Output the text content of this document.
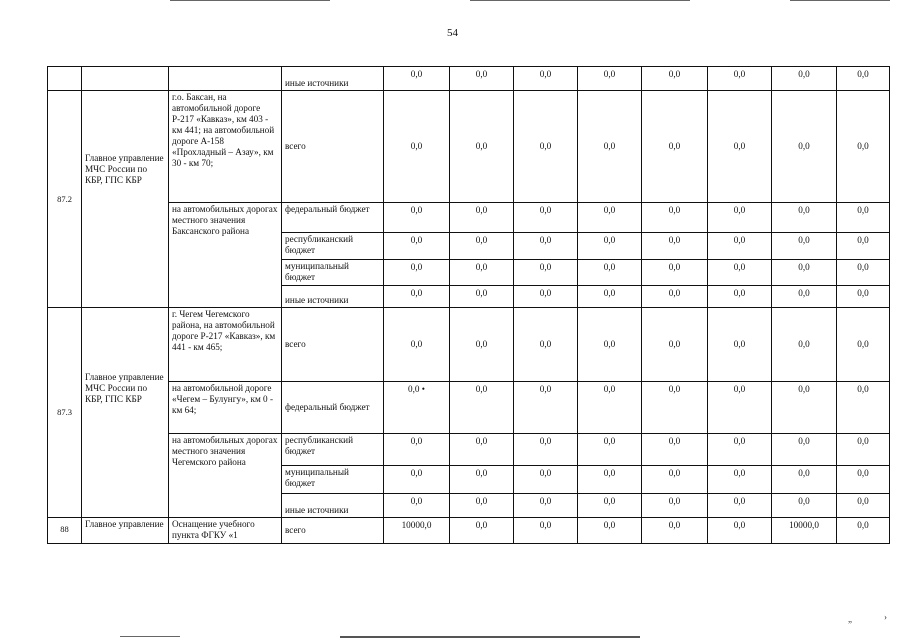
54
			иные источники	0,0	0,0	0,0	0,0	0,0	0,0	0,0	0,0
87.2	Главное управление МЧС России по КБР, ГПС КБР	г.о. Баксан, на автомобильной дороге Р-217 «Кавказ», км 403 - км 441; на автомобильной дороге А-158 «Прохладный – Азау», км 30 - км 70;	всего	0,0	0,0	0,0	0,0	0,0	0,0	0,0	0,0
		на автомобильных дорогах местного значения Баксанского района	федеральный бюджет	0,0	0,0	0,0	0,0	0,0	0,0	0,0	0,0
			республиканский бюджет	0,0	0,0	0,0	0,0	0,0	0,0	0,0	0,0
			муниципальный бюджет	0,0	0,0	0,0	0,0	0,0	0,0	0,0	0,0
			иные источники	0,0	0,0	0,0	0,0	0,0	0,0	0,0	0,0
87.3	Главное управление МЧС России по КБР, ГПС КБР	г. Чегем Чегемского района, на автомобильной дороге Р-217 «Кавказ», км 441 - км 465;	всего	0,0	0,0	0,0	0,0	0,0	0,0	0,0	0,0
		на автомобильной дороге «Чегем – Булунгу», км 0 - км 64;	федеральный бюджет	0,0 •	0,0	0,0	0,0	0,0	0,0	0,0	0,0
		на автомобильных дорогах местного значения Чегемского района	республиканский бюджет	0,0	0,0	0,0	0,0	0,0	0,0	0,0	0,0
			муниципальный бюджет	0,0	0,0	0,0	0,0	0,0	0,0	0,0	0,0
			иные источники	0,0	0,0	0,0	0,0	0,0	0,0	0,0	0,0
88	Главное управление	Оснащение учебного пункта ФГКУ «1	всего	10000,0	0,0	0,0	0,0	0,0	0,0	10000,0	0,0
„	›
